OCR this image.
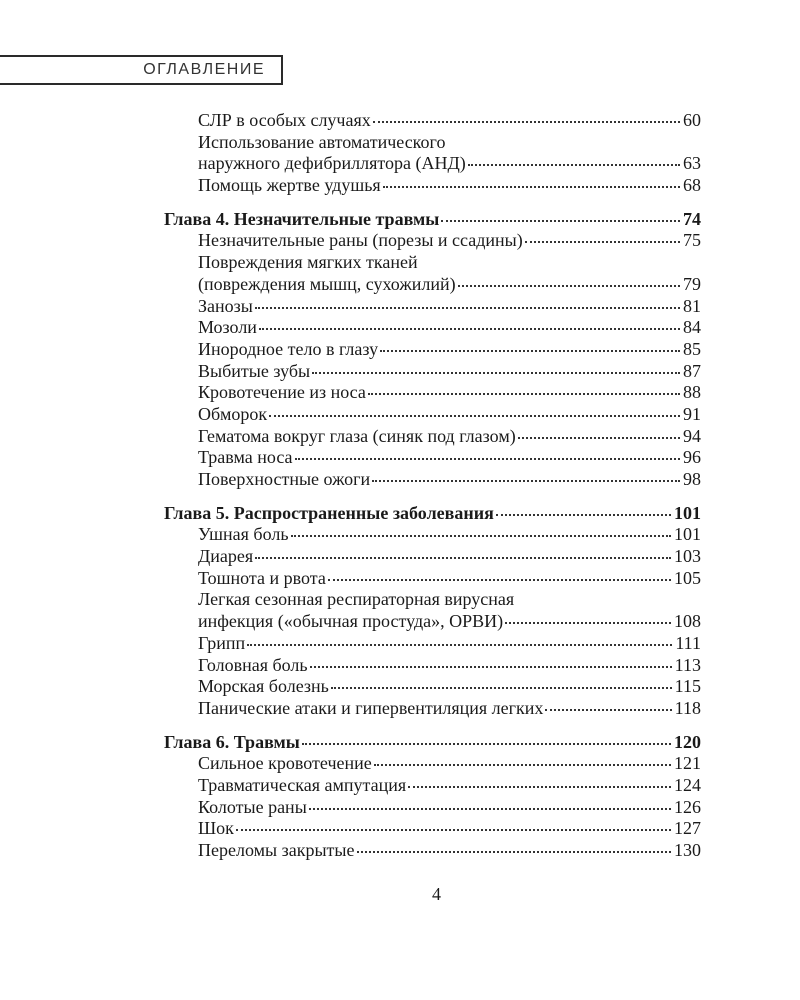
ОГЛАВЛЕНИЕ
СЛР в особых случаях	60
Использование автоматического
наружного дефибриллятора (АНД)	63
Помощь жертве удушья	68
Глава 4. Незначительные травмы	74
Незначительные раны (порезы и ссадины)	75
Повреждения мягких тканей
(повреждения мышц, сухожилий)	79
Занозы	81
Мозоли	84
Инородное тело в глазу	85
Выбитые зубы	87
Кровотечение из носа	88
Обморок	91
Гематома вокруг глаза (синяк под глазом)	94
Травма носа	96
Поверхностные ожоги	98
Глава 5. Распространенные заболевания	101
Ушная боль	101
Диарея	103
Тошнота и рвота	105
Легкая сезонная респираторная вирусная
инфекция («обычная простуда», ОРВИ)	108
Грипп	111
Головная боль	113
Морская болезнь	115
Панические атаки и гипервентиляция легких	118
Глава 6. Травмы	120
Сильное кровотечение	121
Травматическая ампутация	124
Колотые раны	126
Шок	127
Переломы закрытые	130
4
